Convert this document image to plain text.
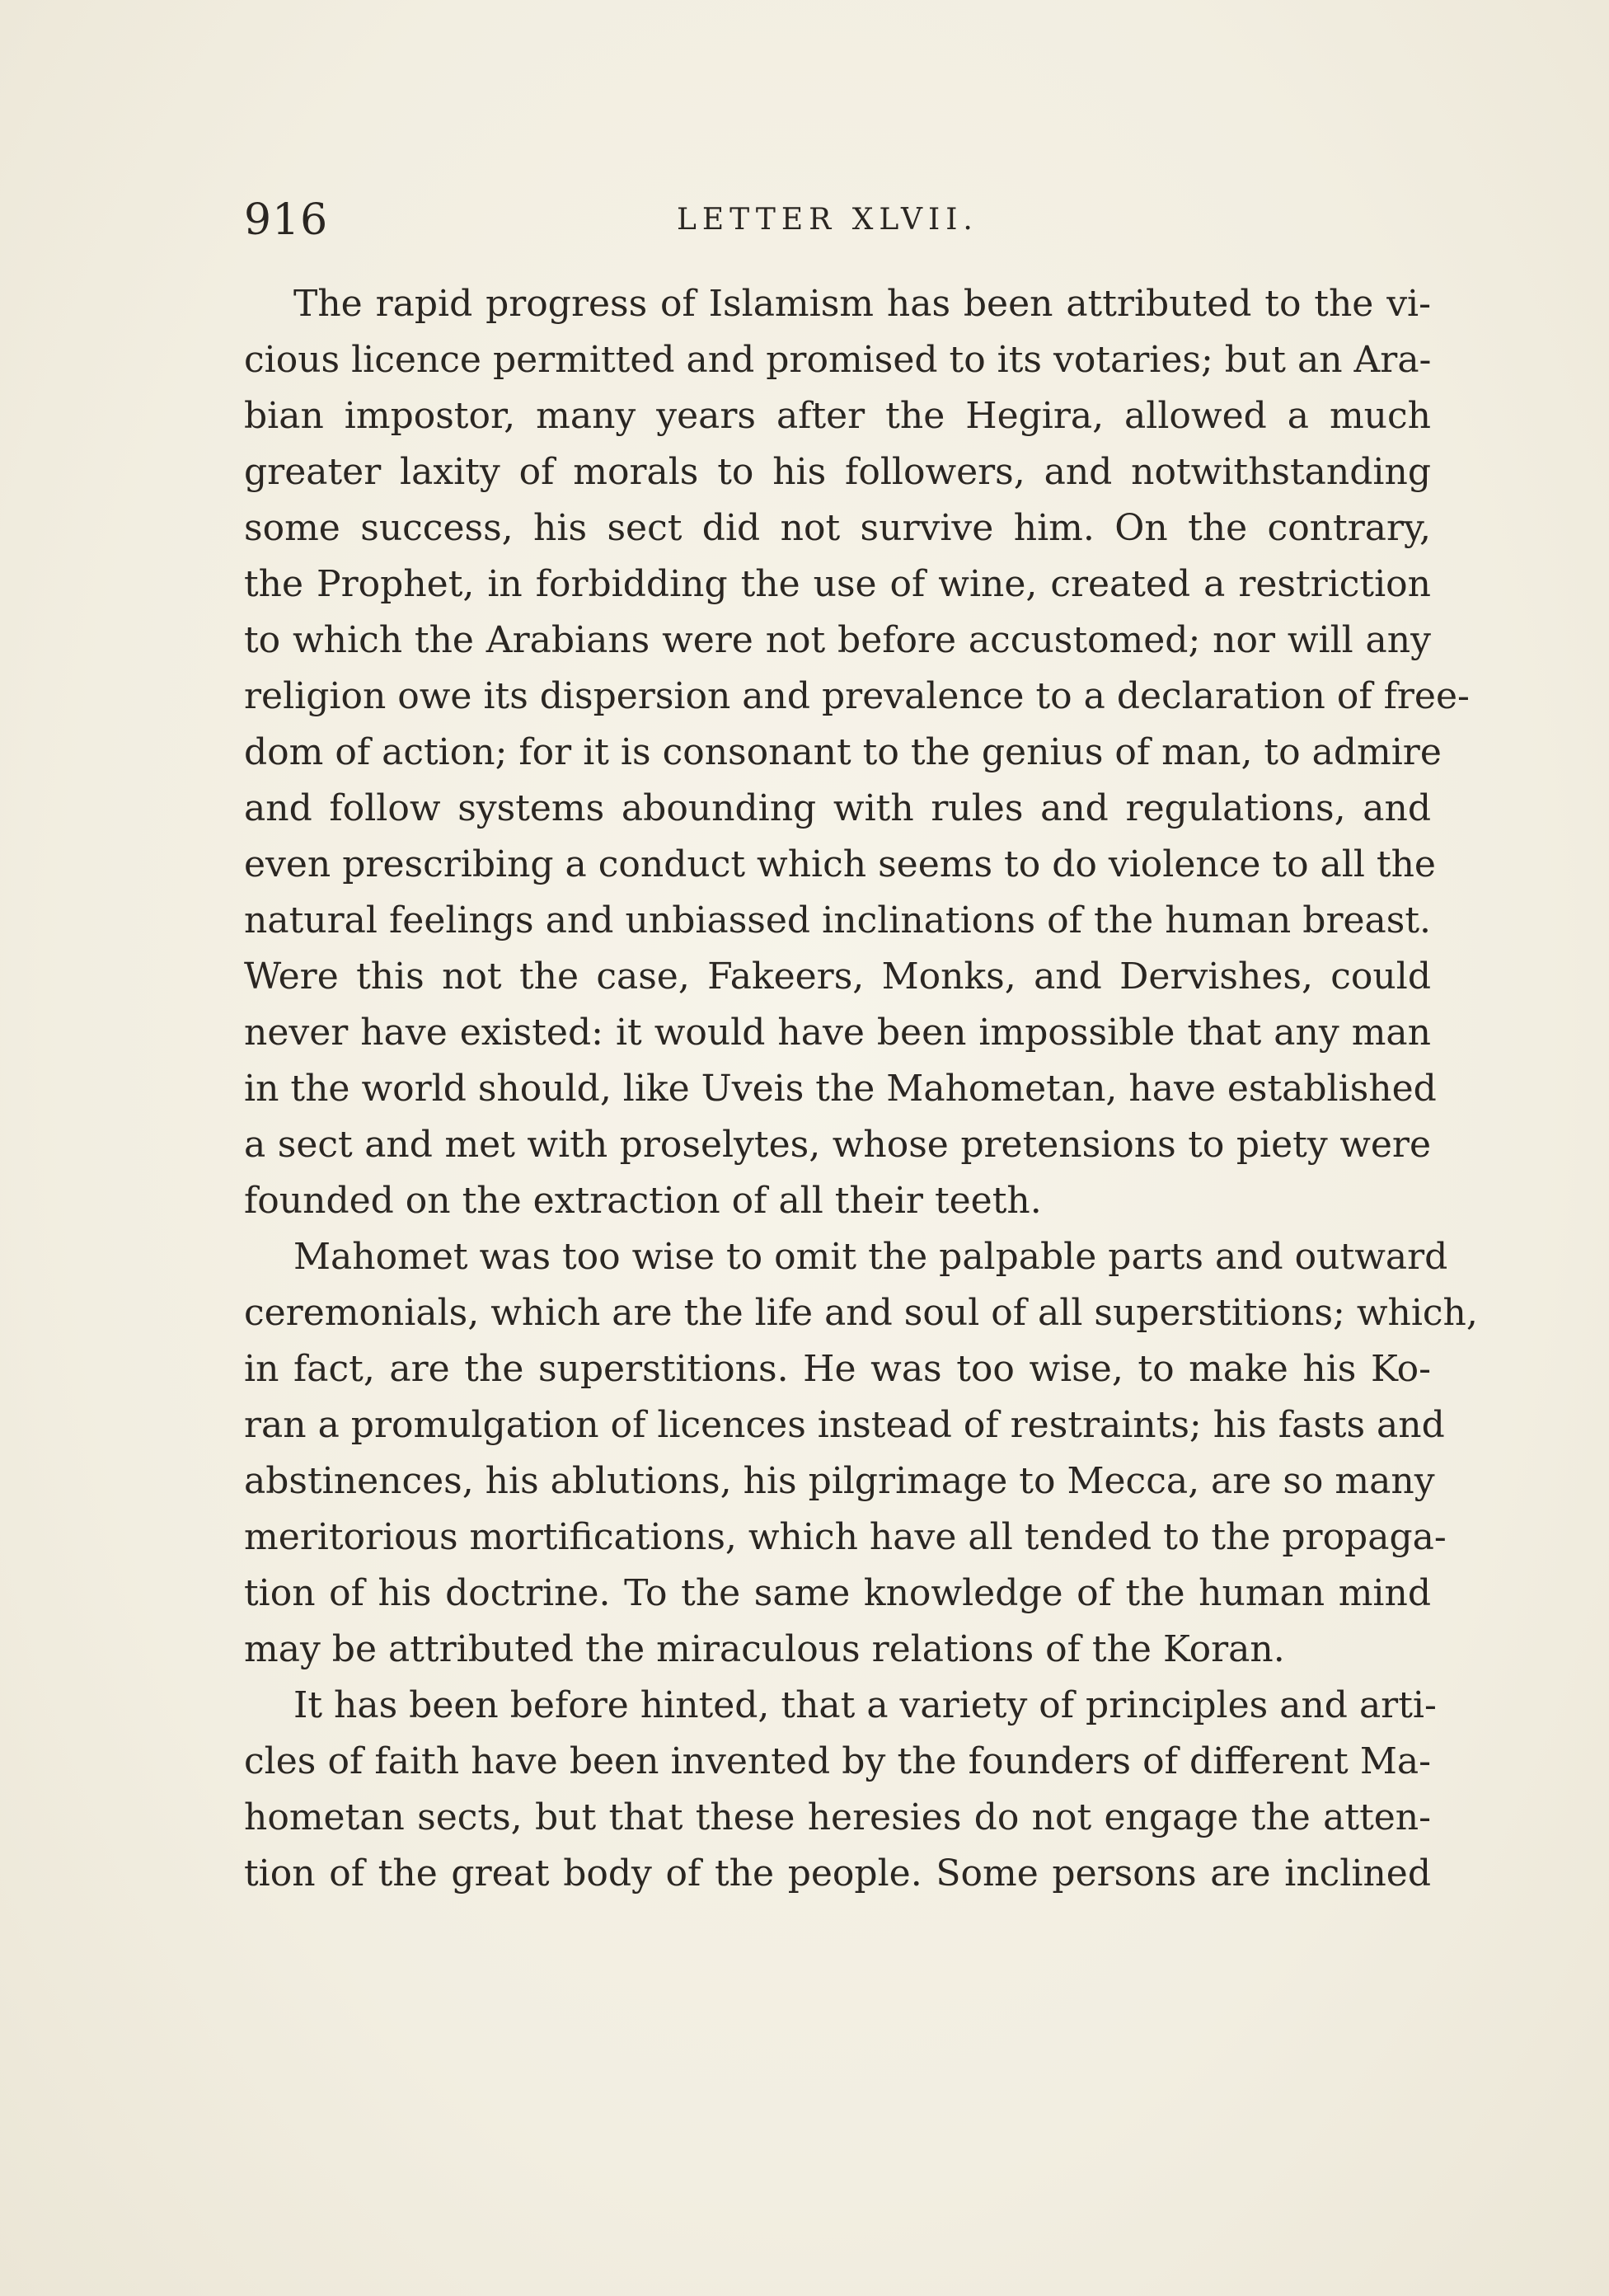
916	LETTER XLVII.
The rapid progress of Islamism has been attributed to the vi-
cious licence permitted and promised to its votaries; but an Ara-
bian impostor, many years after the Hegira, allowed a much
greater laxity of morals to his followers, and notwithstanding
some success, his sect did not survive him. On the contrary,
the Prophet, in forbidding the use of wine, created a restriction
to which the Arabians were not before accustomed; nor will any
religion owe its dispersion and prevalence to a declaration of free-
dom of action; for it is consonant to the genius of man, to admire
and follow systems abounding with rules and regulations, and
even prescribing a conduct which seems to do violence to all the
natural feelings and unbiassed inclinations of the human breast.
Were this not the case, Fakeers, Monks, and Dervishes, could
never have existed: it would have been impossible that any man
in the world should, like Uveis the Mahometan, have established
a sect and met with proselytes, whose pretensions to piety were
founded on the extraction of all their teeth.
Mahomet was too wise to omit the palpable parts and outward
ceremonials, which are the life and soul of all superstitions; which,
in fact, are the superstitions. He was too wise, to make his Ko-
ran a promulgation of licences instead of restraints; his fasts and
abstinences, his ablutions, his pilgrimage to Mecca, are so many
meritorious mortifications, which have all tended to the propaga-
tion of his doctrine. To the same knowledge of the human mind
may be attributed the miraculous relations of the Koran.
It has been before hinted, that a variety of principles and arti-
cles of faith have been invented by the founders of different Ma-
hometan sects, but that these heresies do not engage the atten-
tion of the great body of the people. Some persons are inclined
